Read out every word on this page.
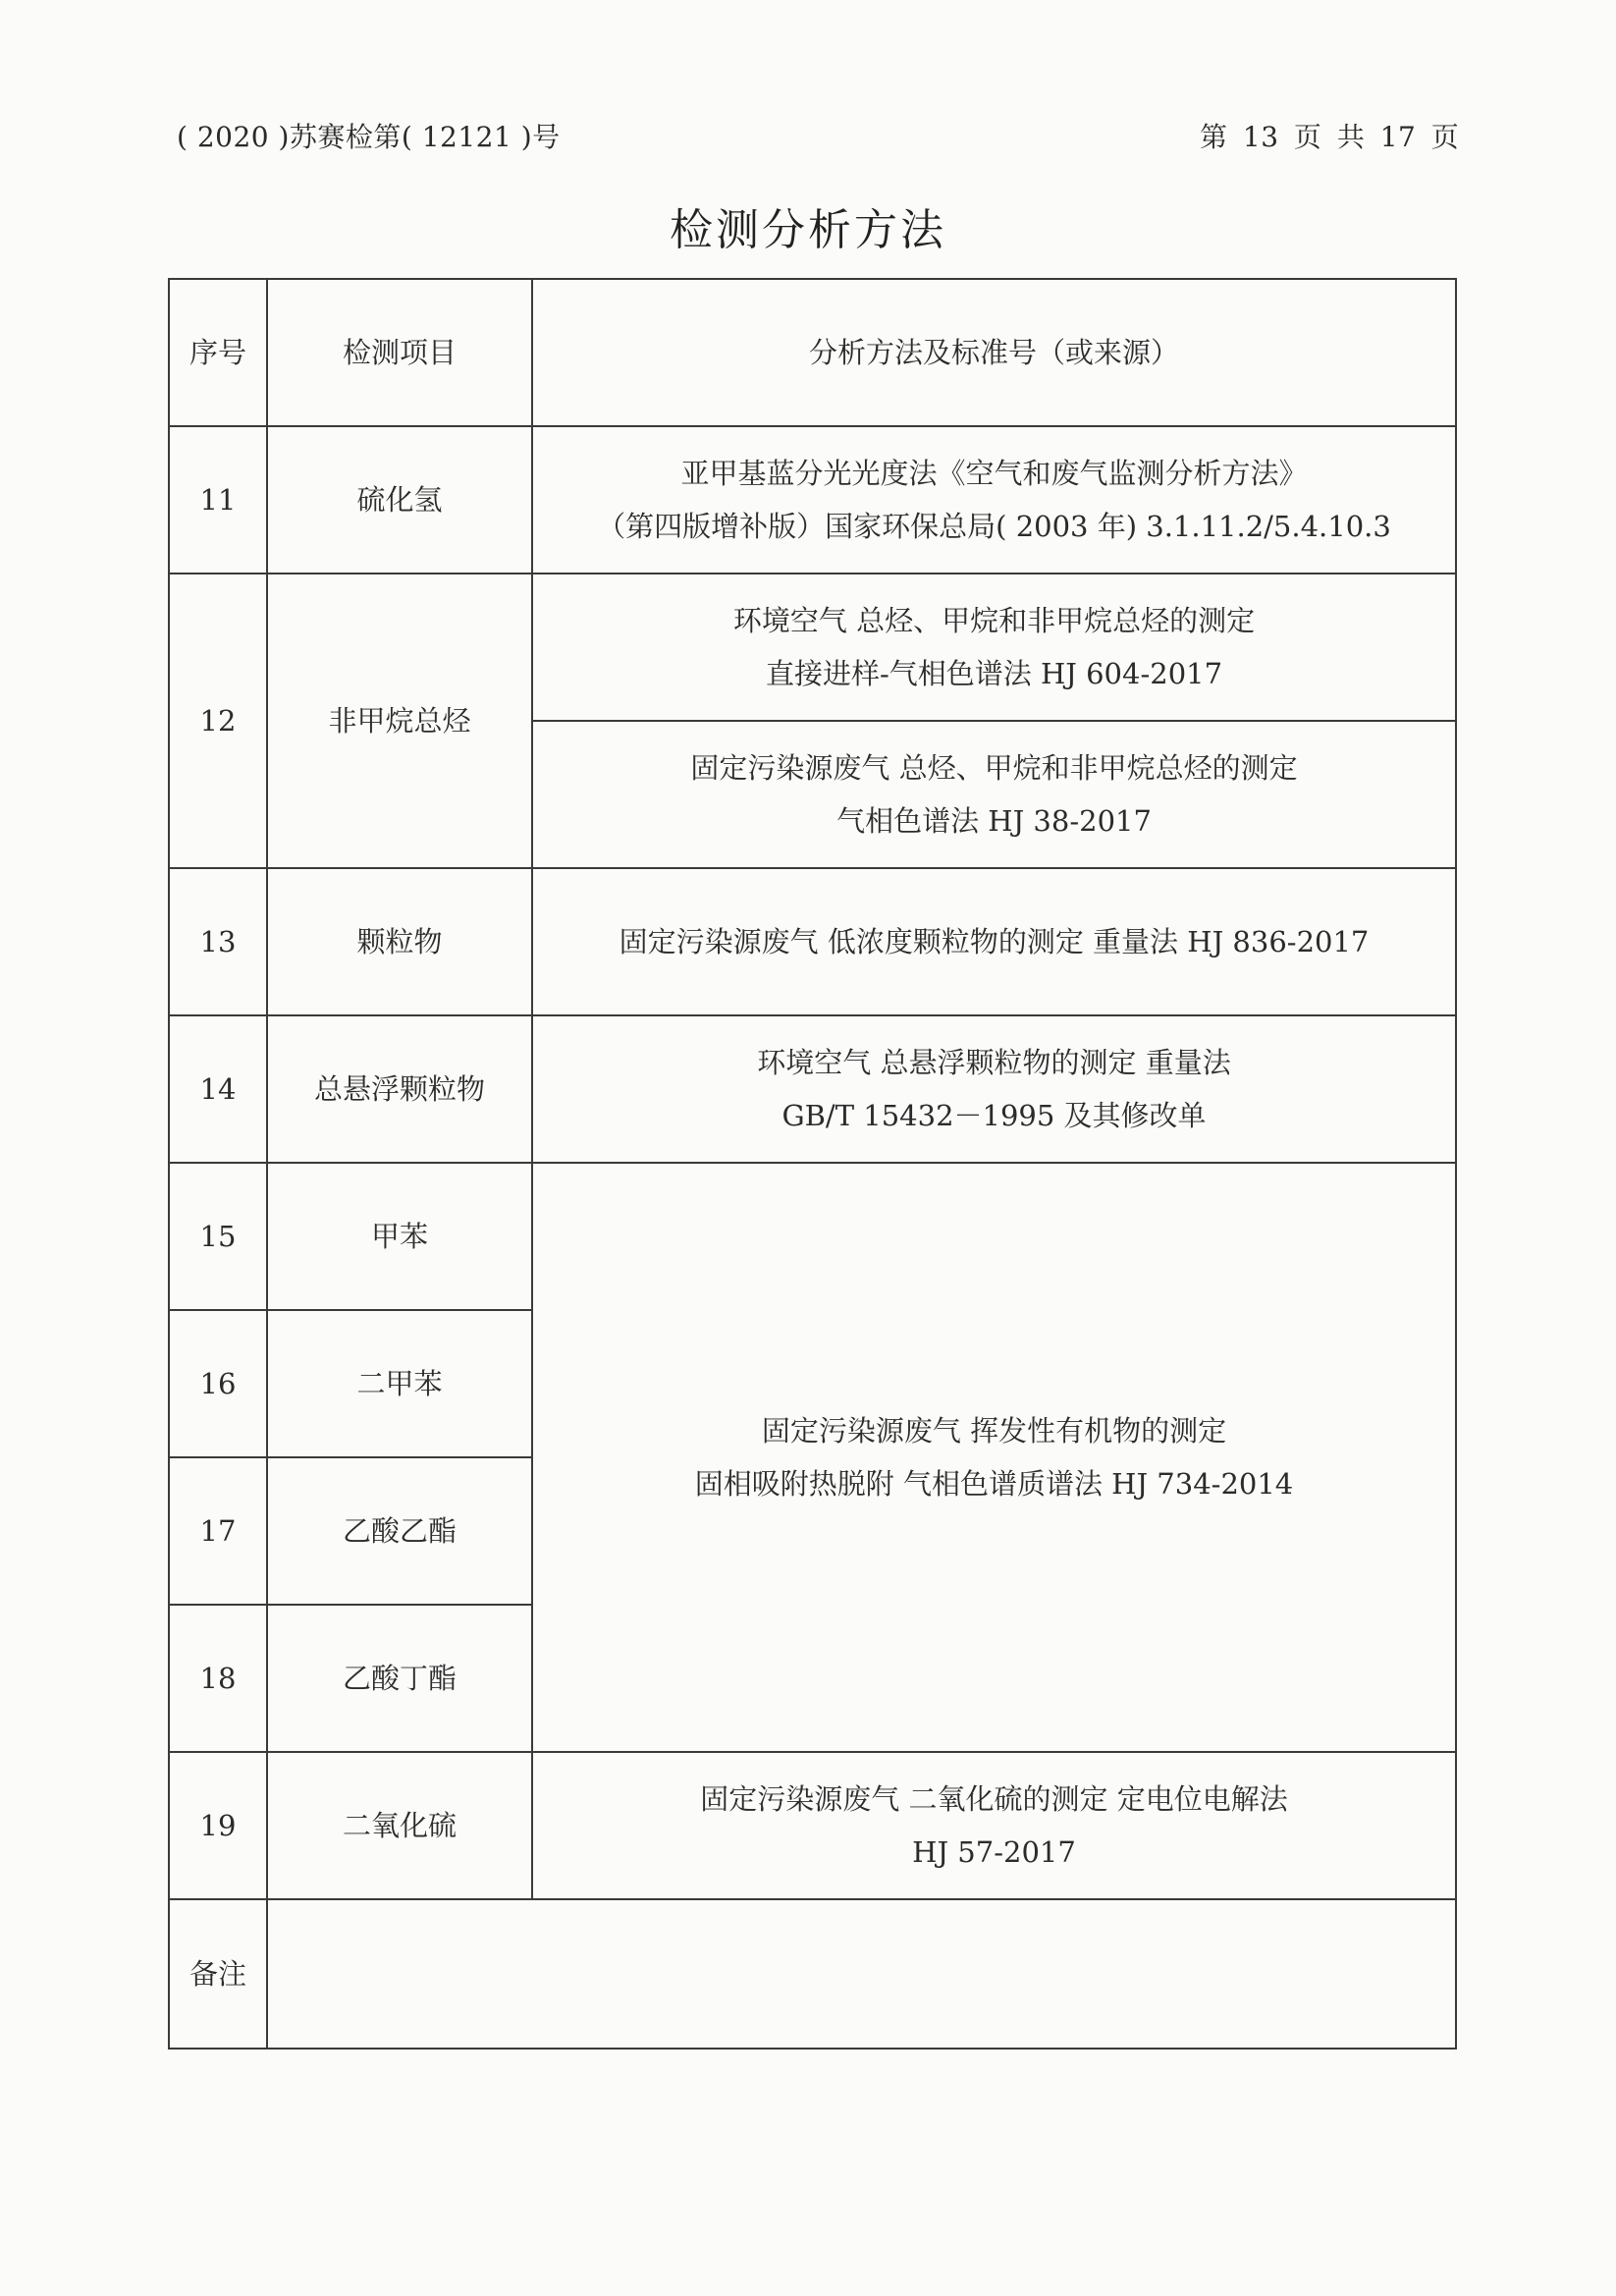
( 2020 )苏赛检第( 12121 )号	第 13 页 共 17 页
检测分析方法
序号	检测项目	分析方法及标准号（或来源）
11	硫化氢	亚甲基蓝分光光度法《空气和废气监测分析方法》
（第四版增补版）国家环保总局( 2003 年) 3.1.11.2/5.4.10.3

12	非甲烷总烃	环境空气 总烃、甲烷和非甲烷总烃的测定
直接进样-气相色谱法 HJ 604-2017

		固定污染源废气 总烃、甲烷和非甲烷总烃的测定
气相色谱法 HJ 38-2017

13	颗粒物	固定污染源废气 低浓度颗粒物的测定 重量法 HJ 836-2017

14	总悬浮颗粒物	环境空气 总悬浮颗粒物的测定 重量法
GB/T 15432－1995 及其修改单

15	甲苯	固定污染源废气 挥发性有机物的测定
固相吸附热脱附 气相色谱质谱法 HJ 734-2014

16	二甲苯	
17	乙酸乙酯	
18	乙酸丁酯	
19	二氧化硫	固定污染源废气 二氧化硫的测定 定电位电解法
HJ 57-2017

备注		
